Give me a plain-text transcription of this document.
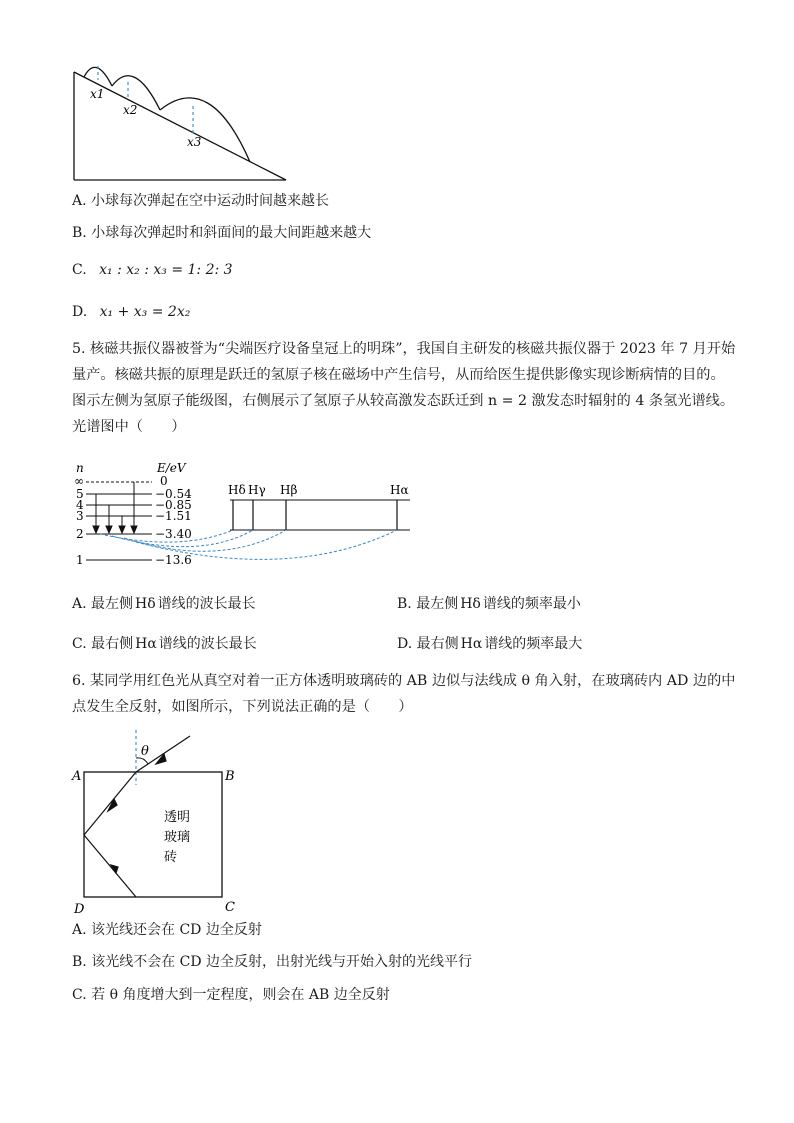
x1
x2
x3
A. 小球每次弹起在空中运动时间越来越长
B. 小球每次弹起时和斜面间的最大间距越来越大
C. x₁ : x₂ : x₃ = 1: 2: 3
D. x₁ + x₃ = 2x₂
5. 核磁共振仪器被誉为“尖端医疗设备皇冠上的明珠”，我国自主研发的核磁共振仪器于 2023 年 7 月开始
量产。核磁共振的原理是跃迁的氢原子核在磁场中产生信号，从而给医生提供影像实现诊断病情的目的。
图示左侧为氢原子能级图，右侧展示了氢原子从较高激发态跃迁到 n = 2 激发态时辐射的 4 条氢光谱线。
光谱图中（　　）
n	E/eV
∞	0
5	−0.54
4	−0.85
3	−1.51
2	−3.40
1	−13.6
Hδ Hγ Hβ	Hα
A. 最左侧 Hδ 谱线的波长最长	B. 最左侧 Hδ 谱线的频率最小
C. 最右侧 Hα 谱线的波长最长	D. 最右侧 Hα 谱线的频率最大
6. 某同学用红色光从真空对着一正方体透明玻璃砖的 AB 边似与法线成 θ 角入射，在玻璃砖内 AD 边的中
点发生全反射，如图所示，下列说法正确的是（　　）
θ
A	B
C
D
透明
玻璃
砖
A. 该光线还会在 CD 边全反射
B. 该光线不会在 CD 边全反射，出射光线与开始入射的光线平行
C. 若 θ 角度增大到一定程度，则会在 AB 边全反射
